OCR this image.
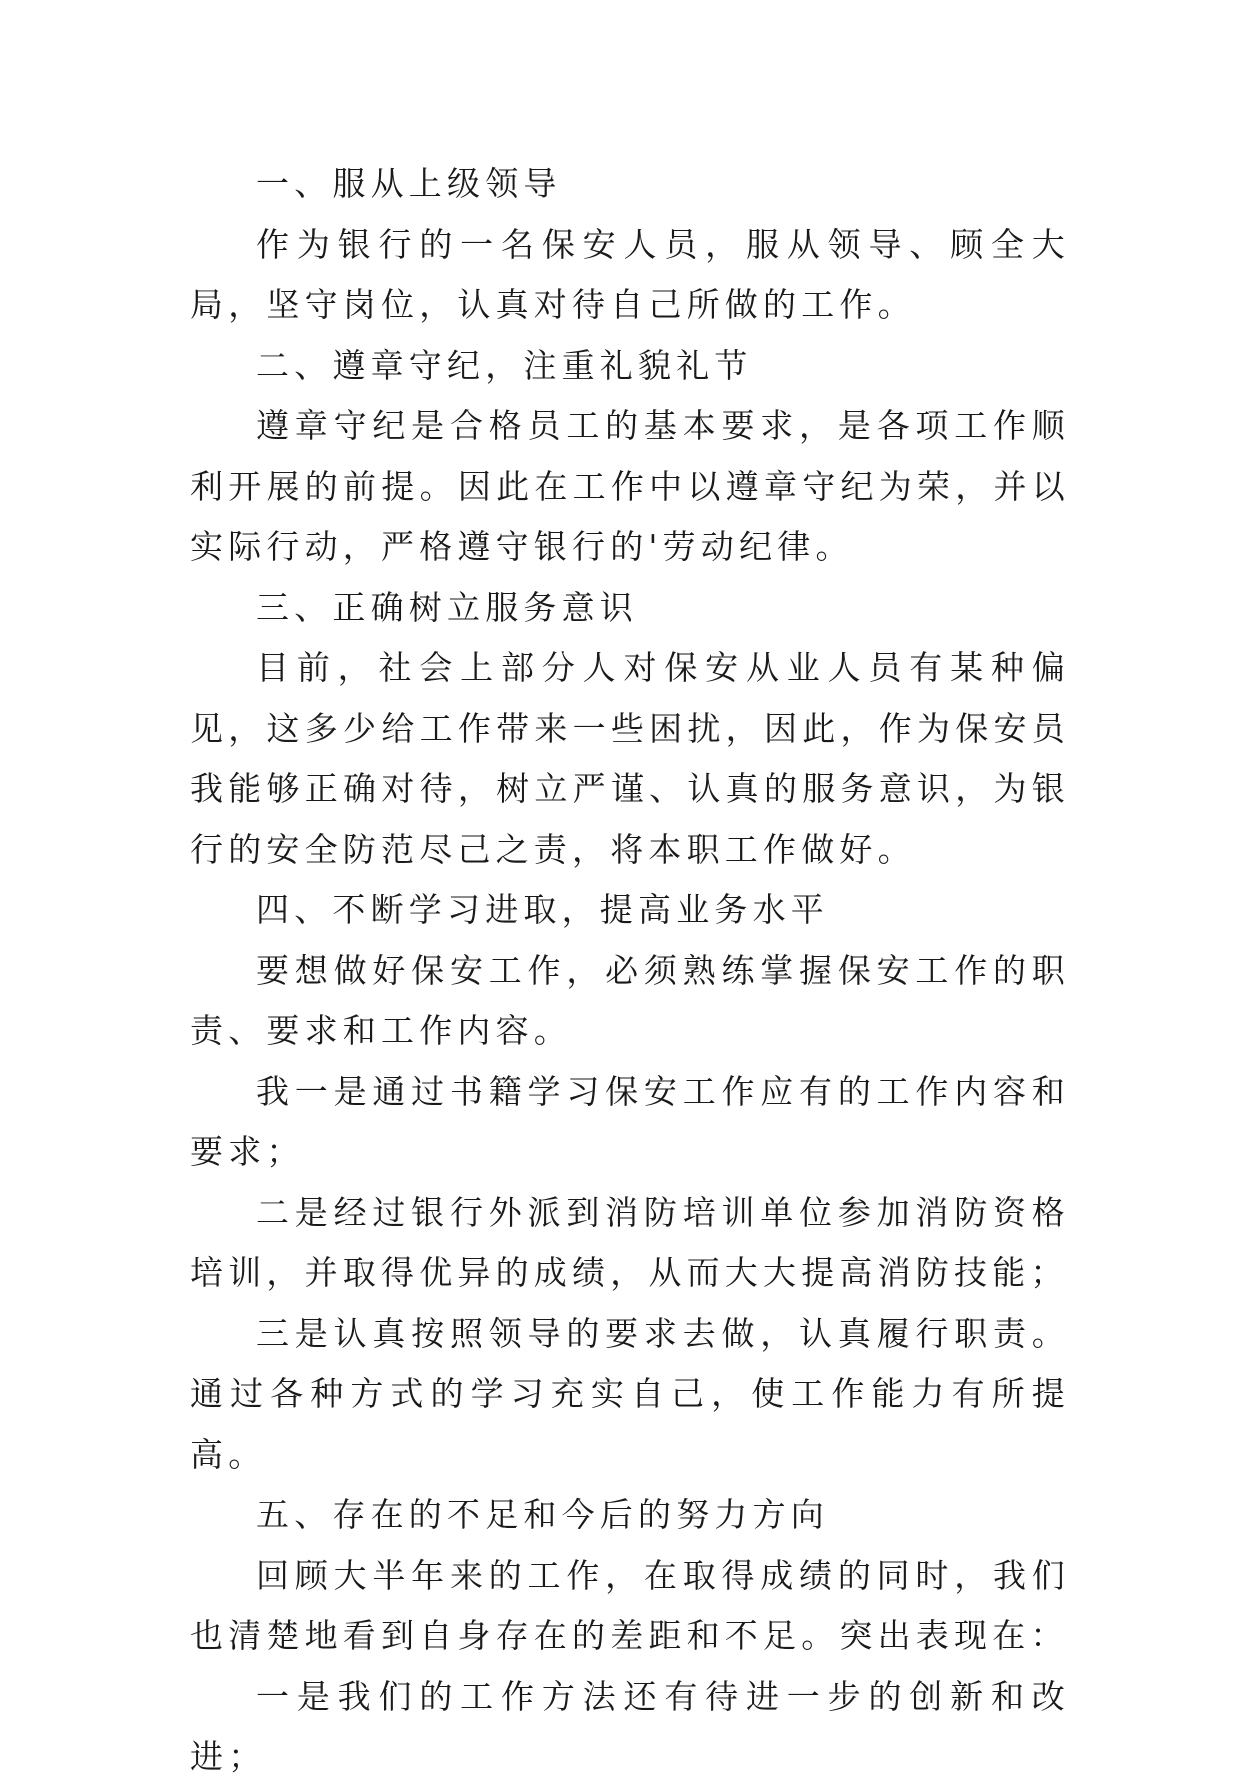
一、服从上级领导

作为银行的一名保安人员，服从领导、顾全大局，坚守岗位，认真对待自己所做的工作。

二、遵章守纪，注重礼貌礼节

遵章守纪是合格员工的基本要求，是各项工作顺利开展的前提。因此在工作中以遵章守纪为荣，并以实际行动，严格遵守银行的'劳动纪律。

三、正确树立服务意识

目前，社会上部分人对保安从业人员有某种偏见，这多少给工作带来一些困扰，因此，作为保安员我能够正确对待，树立严谨、认真的服务意识，为银行的安全防范尽己之责，将本职工作做好。

四、不断学习进取，提高业务水平

要想做好保安工作，必须熟练掌握保安工作的职责、要求和工作内容。

我一是通过书籍学习保安工作应有的工作内容和要求；

二是经过银行外派到消防培训单位参加消防资格培训，并取得优异的成绩，从而大大提高消防技能；

三是认真按照领导的要求去做，认真履行职责。通过各种方式的学习充实自己，使工作能力有所提高。

五、存在的不足和今后的努力方向

回顾大半年来的工作，在取得成绩的同时，我们也清楚地看到自身存在的差距和不足。突出表现在：

一是我们的工作方法还有待进一步的创新和改进；
